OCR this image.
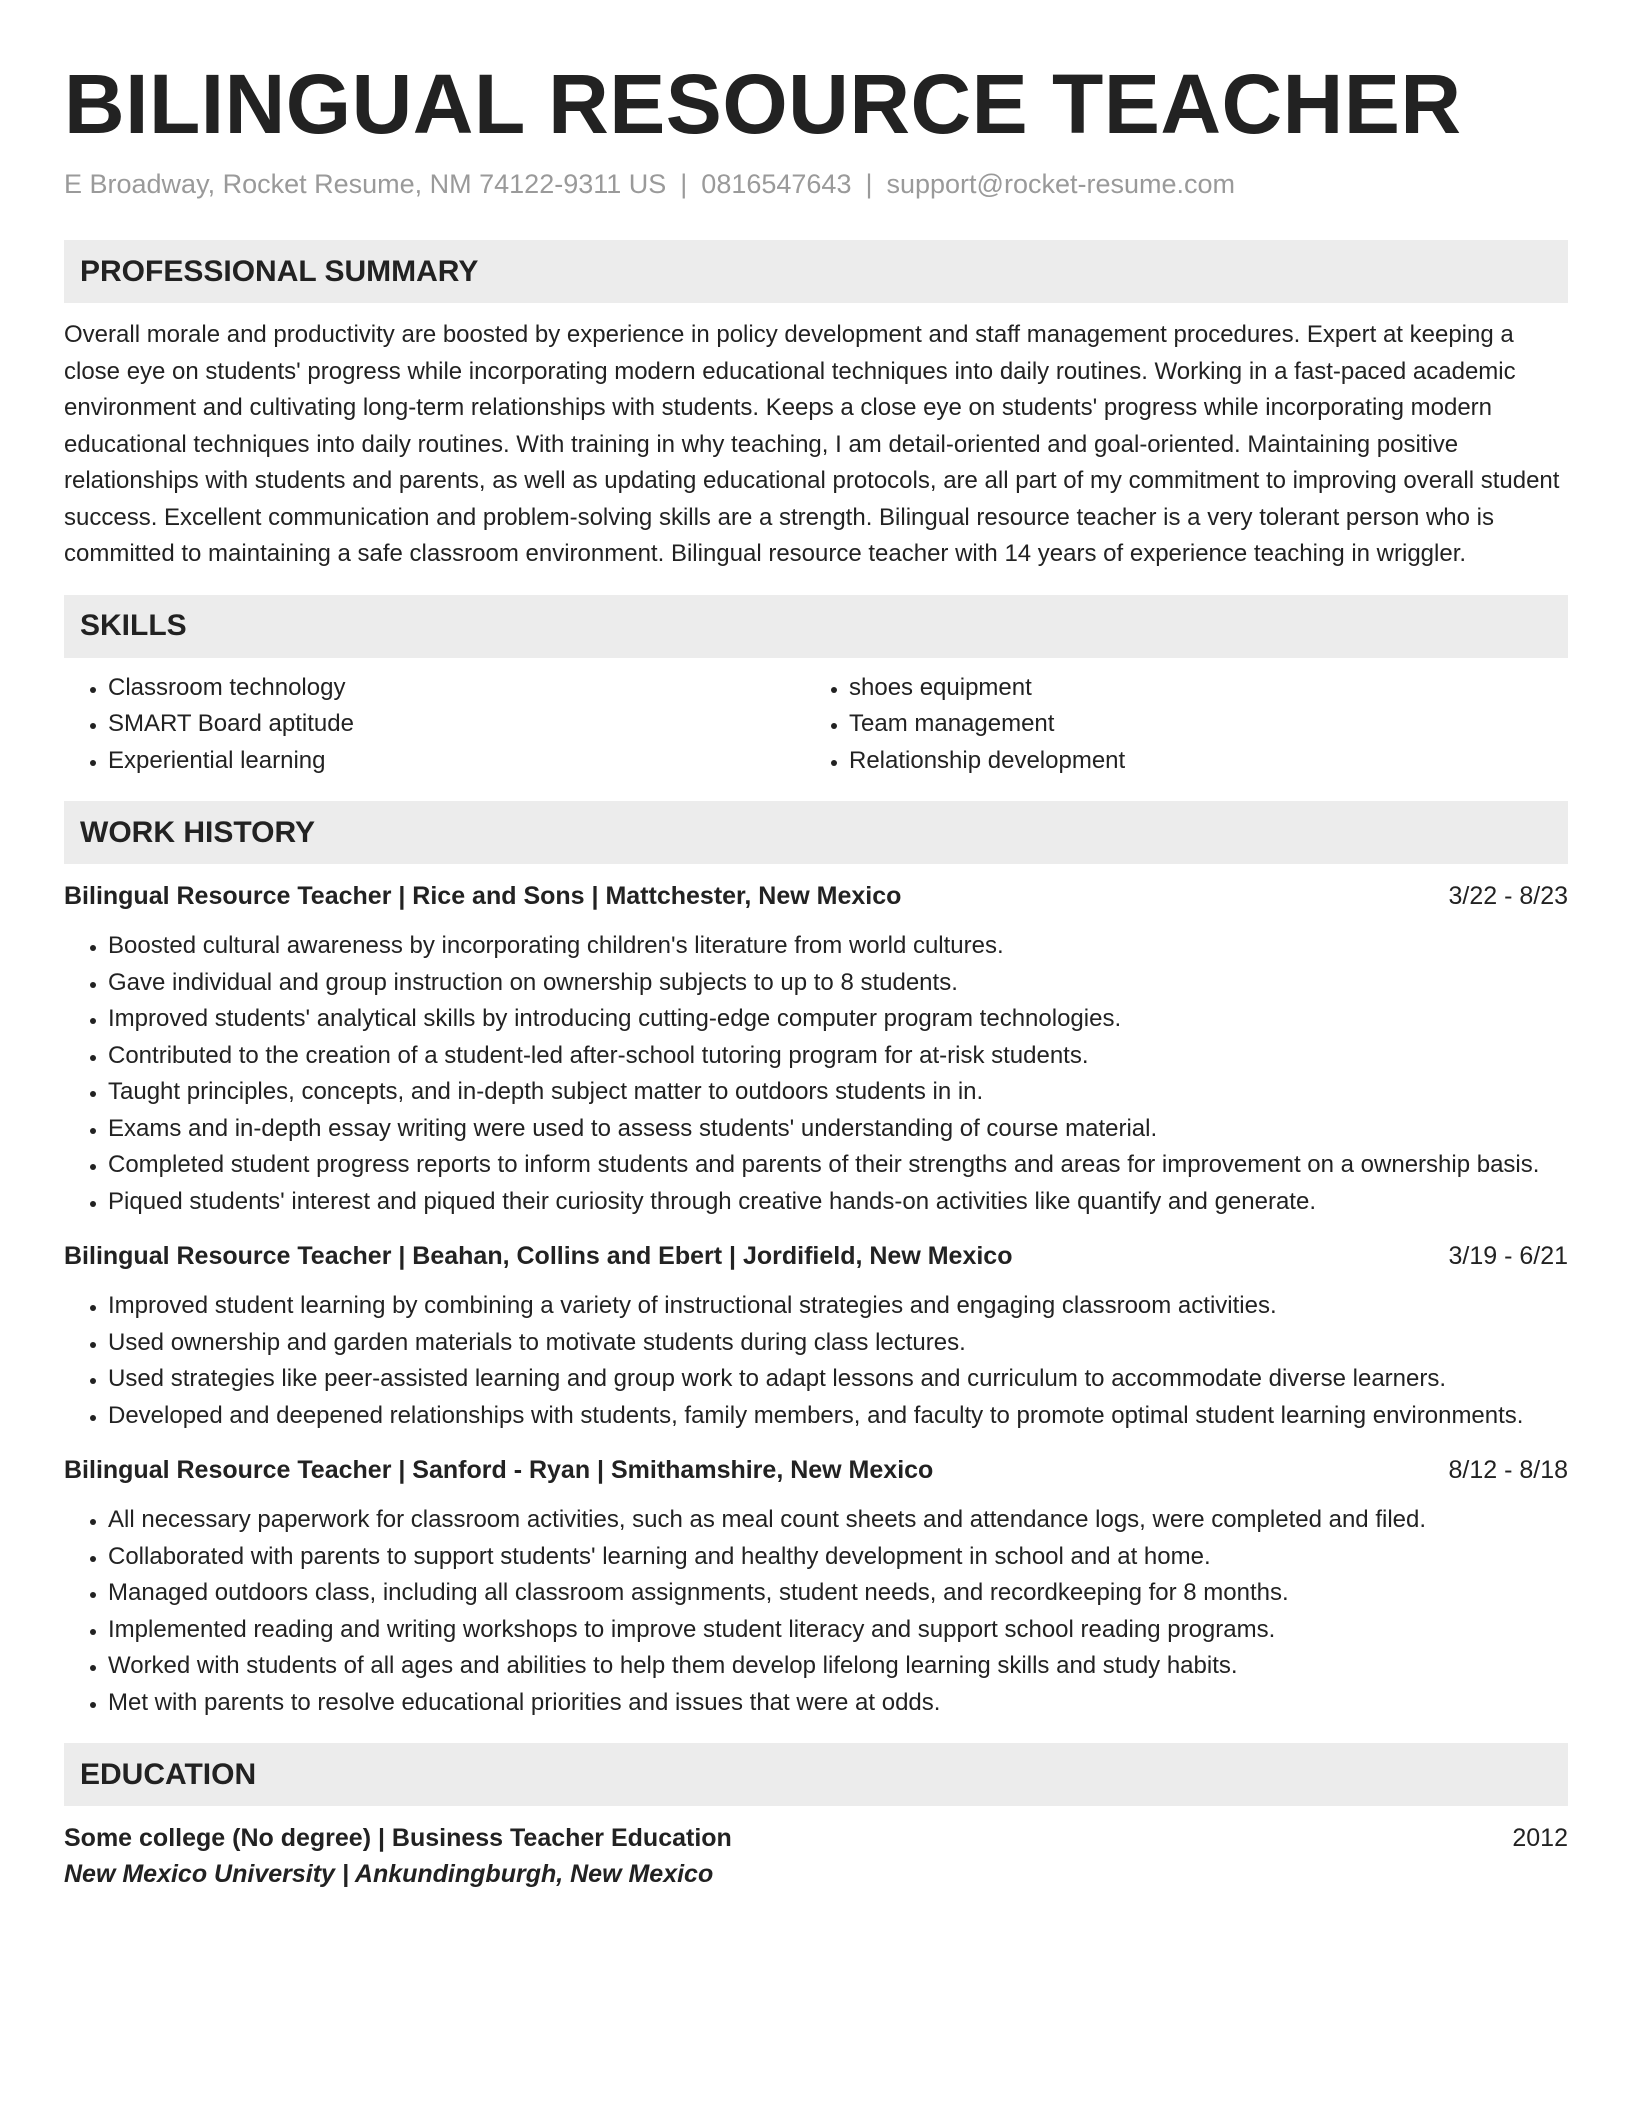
BILINGUAL RESOURCE TEACHER
E Broadway, Rocket Resume, NM 74122-9311 US | 0816547643 | support@rocket-resume.com
PROFESSIONAL SUMMARY

Overall morale and productivity are boosted by experience in policy development and staff management procedures. Expert at keeping a close eye on students' progress while incorporating modern educational techniques into daily routines. Working in a fast-paced academic environment and cultivating long-term relationships with students. Keeps a close eye on students' progress while incorporating modern educational techniques into daily routines. With training in why teaching, I am detail-oriented and goal-oriented. Maintaining positive relationships with students and parents, as well as updating educational protocols, are all part of my commitment to improving overall student success. Excellent communication and problem-solving skills are a strength. Bilingual resource teacher is a very tolerant person who is committed to maintaining a safe classroom environment. Bilingual resource teacher with 14 years of experience teaching in wriggler.

SKILLS
• Classroom technology
• SMART Board aptitude
• Experiential learning
• shoes equipment
• Team management
• Relationship development
WORK HISTORY
Bilingual Resource Teacher | Rice and Sons | Mattchester, New Mexico	3/22 - 8/23
• Boosted cultural awareness by incorporating children's literature from world cultures.
• Gave individual and group instruction on ownership subjects to up to 8 students.
• Improved students' analytical skills by introducing cutting-edge computer program technologies.
• Contributed to the creation of a student-led after-school tutoring program for at-risk students.
• Taught principles, concepts, and in-depth subject matter to outdoors students in in.
• Exams and in-depth essay writing were used to assess students' understanding of course material.
• Completed student progress reports to inform students and parents of their strengths and areas for improvement on a ownership basis.
• Piqued students' interest and piqued their curiosity through creative hands-on activities like quantify and generate.
Bilingual Resource Teacher | Beahan, Collins and Ebert | Jordifield, New Mexico	3/19 - 6/21
• Improved student learning by combining a variety of instructional strategies and engaging classroom activities.
• Used ownership and garden materials to motivate students during class lectures.
• Used strategies like peer-assisted learning and group work to adapt lessons and curriculum to accommodate diverse learners.
• Developed and deepened relationships with students, family members, and faculty to promote optimal student learning environments.
Bilingual Resource Teacher | Sanford - Ryan | Smithamshire, New Mexico	8/12 - 8/18
• All necessary paperwork for classroom activities, such as meal count sheets and attendance logs, were completed and filed.
• Collaborated with parents to support students' learning and healthy development in school and at home.
• Managed outdoors class, including all classroom assignments, student needs, and recordkeeping for 8 months.
• Implemented reading and writing workshops to improve student literacy and support school reading programs.
• Worked with students of all ages and abilities to help them develop lifelong learning skills and study habits.
• Met with parents to resolve educational priorities and issues that were at odds.
EDUCATION
Some college (No degree) | Business Teacher Education	2012
New Mexico University | Ankundingburgh, New Mexico
